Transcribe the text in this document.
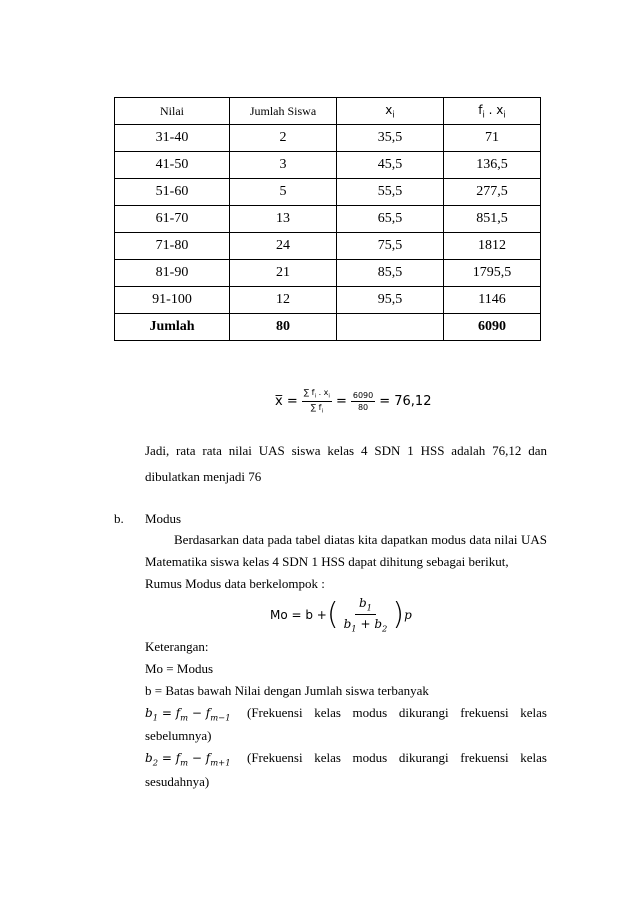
Nilai	Jumlah Siswa	$x_i$	$f_i$ . $x_i$
31-40	2	35,5	71
41-50	3	45,5	136,5
51-60	5	55,5	277,5
61-70	13	65,5	851,5
71-80	24	75,5	1812
81-90	21	85,5	1795,5
91-100	12	95,5	1146
Jumlah	80		6090
x̅ = $\frac{\sum f_i . x_i}{\sum f_i} = \frac{6090}{80} = 76,12$
Jadi, rata rata nilai UAS siswa kelas 4 SDN 1 HSS adalah 76,12 dan
dibulatkan menjadi 76
b. Modus
Berdasarkan data pada tabel diatas kita dapatkan modus data nilai UAS
Matematika siswa kelas 4 SDN 1 HSS dapat dihitung sebagai berikut,
Rumus Modus data berkelompok :
Mo = b + ( $\frac{b_1}{b_1 + b_2}$ ) p
Keterangan:
Mo = Modus
b = Batas bawah Nilai dengan Jumlah siswa terbanyak
$b_1 = f_m - f_{m-1}$ (Frekuensi kelas modus dikurangi frekuensi kelas
sebelumnya)
$b_2 = f_m - f_{m+1}$ (Frekuensi kelas modus dikurangi frekuensi kelas
sesudahnya)
